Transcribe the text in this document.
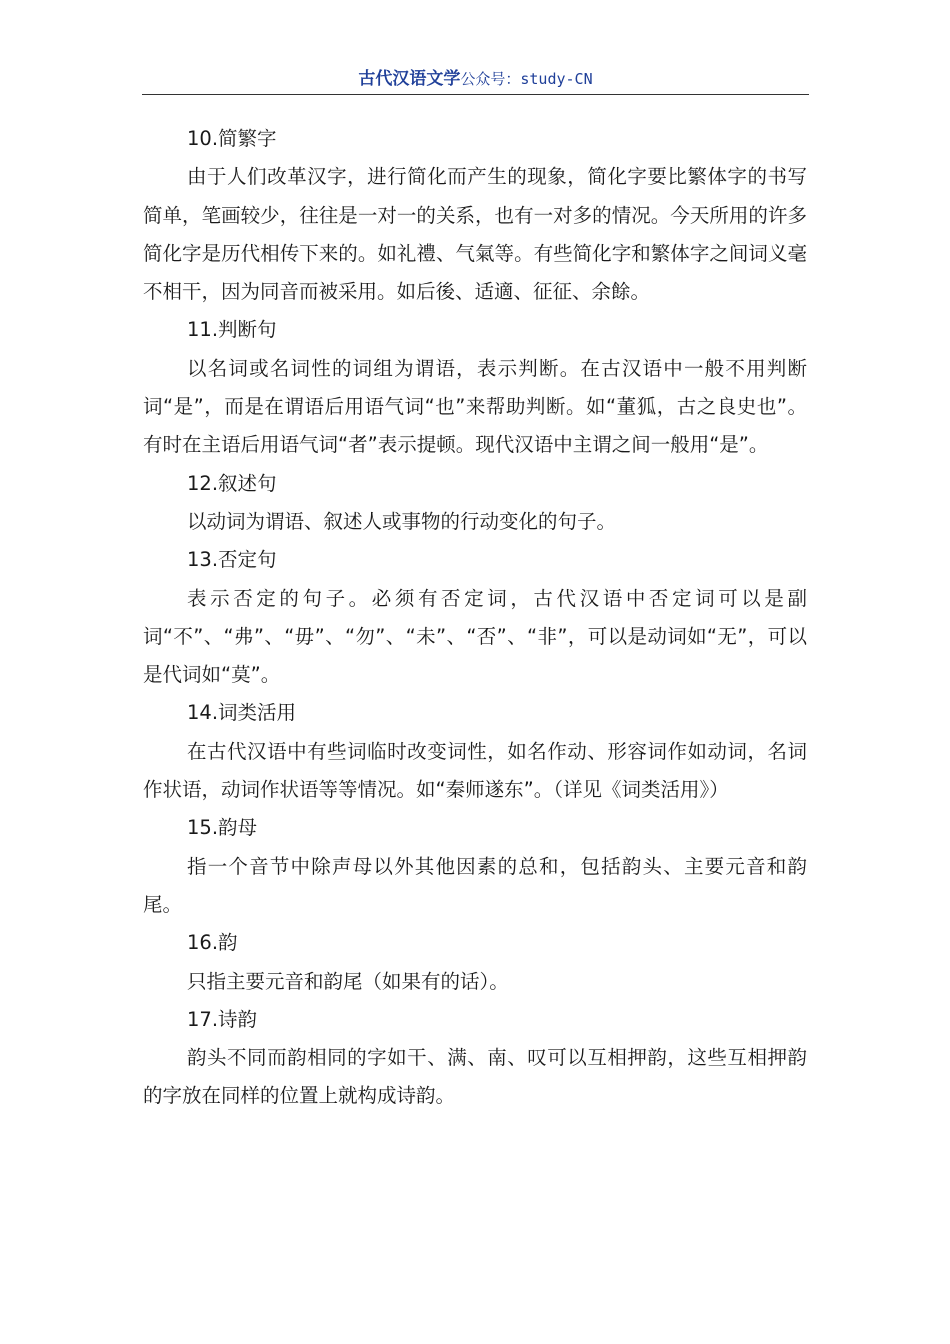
古代汉语文学公众号：study-CN

10.简繁字

由于人们改革汉字，进行简化而产生的现象，简化字要比繁体字的书写简单，笔画较少，往往是一对一的关系，也有一对多的情况。今天所用的许多简化字是历代相传下来的。如礼禮、气氣等。有些简化字和繁体字之间词义毫不相干，因为同音而被采用。如后後、适適、征征、余餘。

11.判断句

以名词或名词性的词组为谓语，表示判断。在古汉语中一般不用判断词“是”，而是在谓语后用语气词“也”来帮助判断。如“董狐，古之良史也”。有时在主语后用语气词“者”表示提顿。现代汉语中主谓之间一般用“是”。

12.叙述句

以动词为谓语、叙述人或事物的行动变化的句子。

13.否定句

表示否定的句子。必须有否定词，古代汉语中否定词可以是副词“不”、“弗”、“毋”、“勿”、“未”、“否”、“非”，可以是动词如“无”，可以是代词如“莫”。

14.词类活用

在古代汉语中有些词临时改变词性，如名作动、形容词作如动词，名词作状语，动词作状语等等情况。如“秦师遂东”。（详见《词类活用》）

15.韵母

指一个音节中除声母以外其他因素的总和，包括韵头、主要元音和韵尾。

16.韵

只指主要元音和韵尾（如果有的话）。

17.诗韵

韵头不同而韵相同的字如干、满、南、叹可以互相押韵，这些互相押韵的字放在同样的位置上就构成诗韵。
